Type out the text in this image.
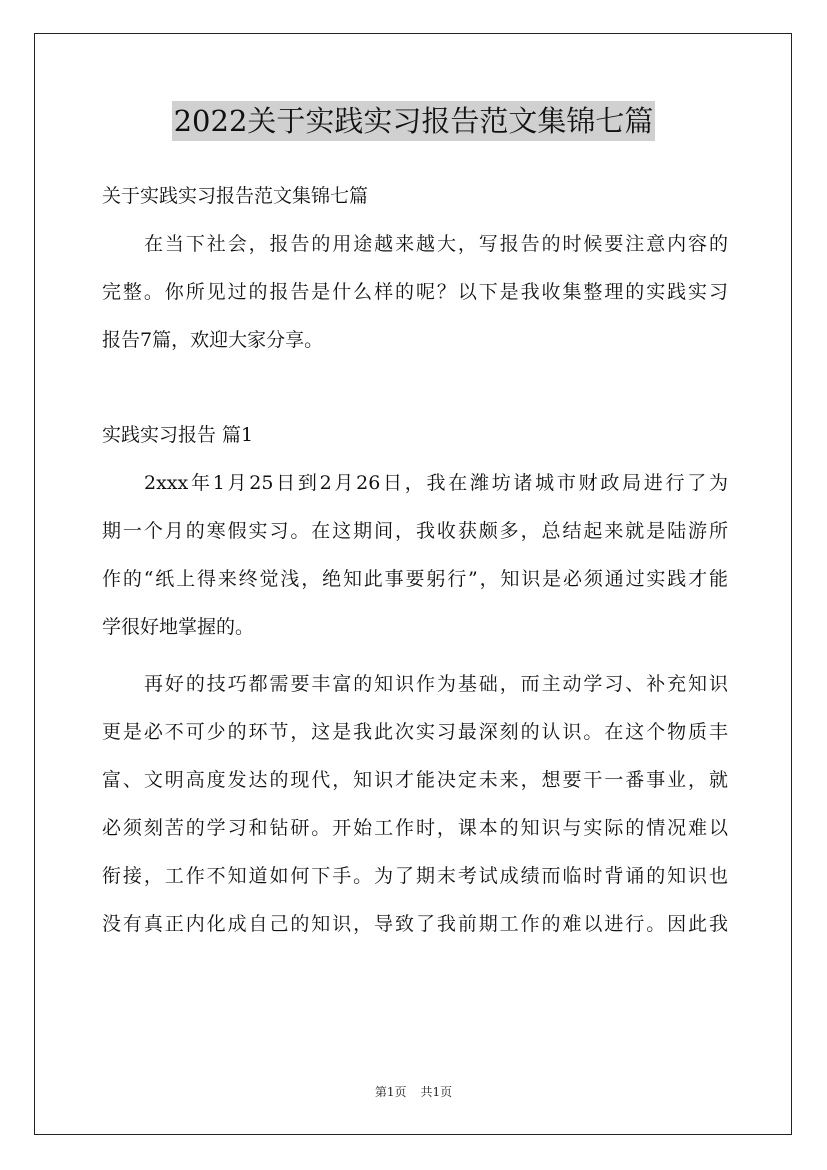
2022关于实践实习报告范文集锦七篇
关于实践实习报告范文集锦七篇
在当下社会，报告的用途越来越大，写报告的时候要注意内容的
完整。你所见过的报告是什么样的呢？以下是我收集整理的实践实习
报告7篇，欢迎大家分享。
实践实习报告 篇1
2xxx年1月25日到2月26日，我在潍坊诸城市财政局进行了为
期一个月的寒假实习。在这期间，我收获颇多，总结起来就是陆游所
作的“纸上得来终觉浅，绝知此事要躬行”，知识是必须通过实践才能
学很好地掌握的。
再好的技巧都需要丰富的知识作为基础，而主动学习、补充知识
更是必不可少的环节，这是我此次实习最深刻的认识。在这个物质丰
富、文明高度发达的现代，知识才能决定未来，想要干一番事业，就
必须刻苦的学习和钻研。开始工作时，课本的知识与实际的情况难以
衔接，工作不知道如何下手。为了期末考试成绩而临时背诵的知识也
没有真正内化成自己的知识，导致了我前期工作的难以进行。因此我
第1页 共1页
